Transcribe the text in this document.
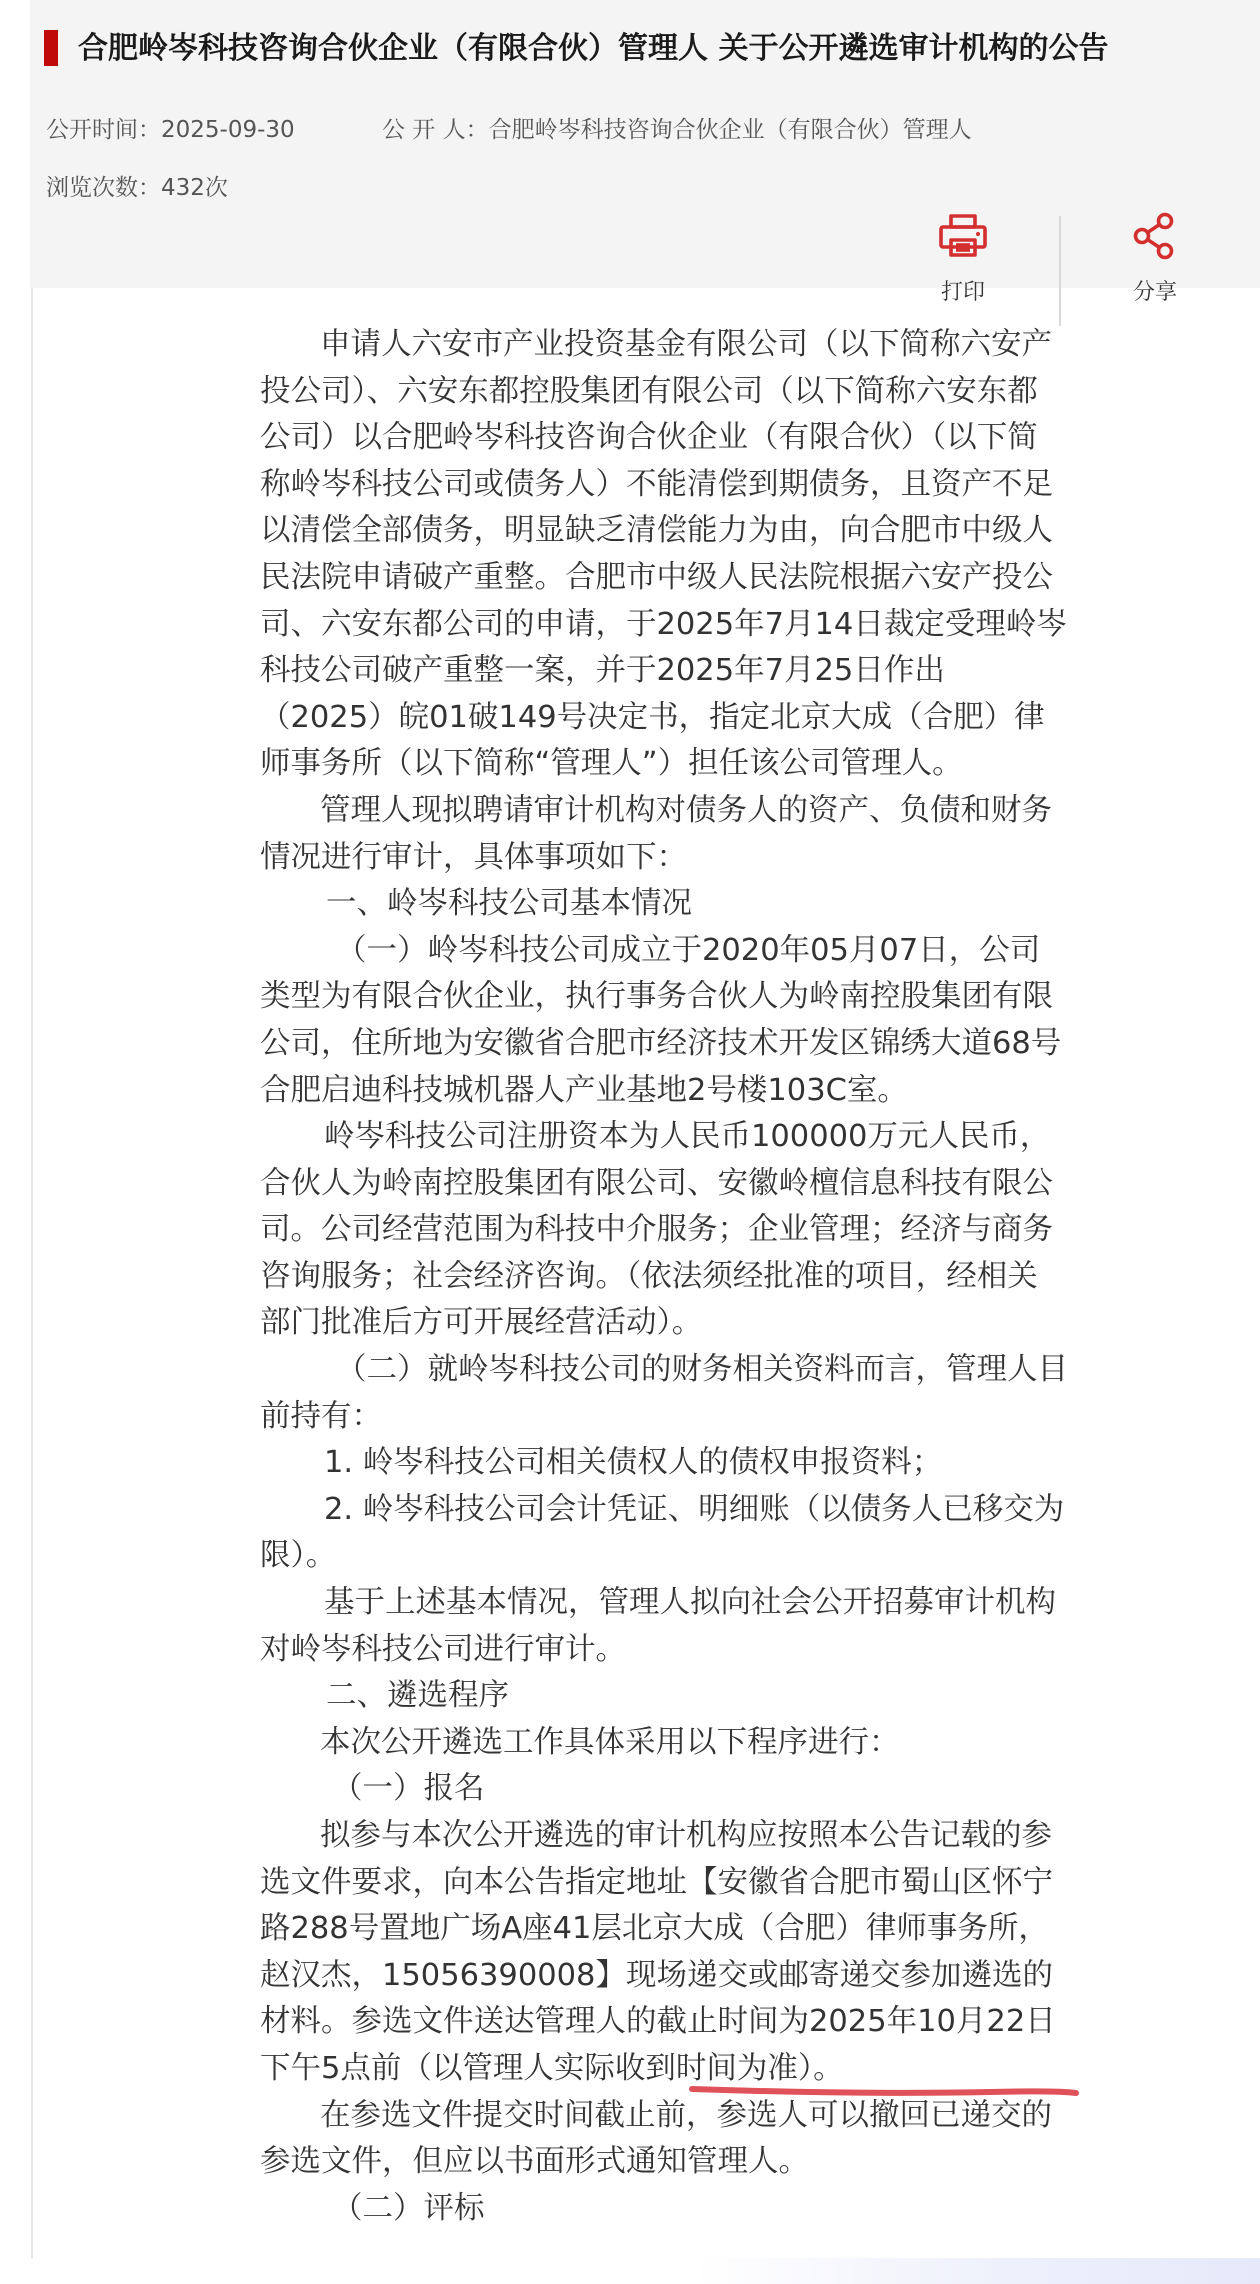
合肥岭岑科技咨询合伙企业（有限合伙）管理人 关于公开遴选审计机构的公告
公开时间：2025-09-30	公 开 人：合肥岭岑科技咨询合伙企业（有限合伙）管理人
浏览次数：432次
打印	分享

申请人六安市产业投资基金有限公司（以下简称六安产投公司）、六安东都控股集团有限公司（以下简称六安东都公司）以合肥岭岑科技咨询合伙企业（有限合伙）（以下简称岭岑科技公司或债务人）不能清偿到期债务，且资产不足以清偿全部债务，明显缺乏清偿能力为由，向合肥市中级人民法院申请破产重整。合肥市中级人民法院根据六安产投公司、六安东都公司的申请，于2025年7月14日裁定受理岭岑科技公司破产重整一案，并于2025年7月25日作出（2025）皖01破149号决定书，指定北京大成（合肥）律师事务所（以下简称“管理人”）担任该公司管理人。

管理人现拟聘请审计机构对债务人的资产、负债和财务情况进行审计，具体事项如下：

一、岭岑科技公司基本情况

（一）岭岑科技公司成立于2020年05月07日，公司类型为有限合伙企业，执行事务合伙人为岭南控股集团有限公司，住所地为安徽省合肥市经济技术开发区锦绣大道68号合肥启迪科技城机器人产业基地2号楼103C室。

岭岑科技公司注册资本为人民币100000万元人民币，合伙人为岭南控股集团有限公司、安徽岭檀信息科技有限公司。公司经营范围为科技中介服务；企业管理；经济与商务咨询服务；社会经济咨询。（依法须经批准的项目，经相关部门批准后方可开展经营活动）。

（二）就岭岑科技公司的财务相关资料而言，管理人目前持有：

1. 岭岑科技公司相关债权人的债权申报资料；

2. 岭岑科技公司会计凭证、明细账（以债务人已移交为限）。

基于上述基本情况，管理人拟向社会公开招募审计机构对岭岑科技公司进行审计。

二、遴选程序

本次公开遴选工作具体采用以下程序进行：

（一）报名

拟参与本次公开遴选的审计机构应按照本公告记载的参选文件要求，向本公告指定地址【安徽省合肥市蜀山区怀宁路288号置地广场A座41层北京大成（合肥）律师事务所，赵汉杰，15056390008】现场递交或邮寄递交参加遴选的材料。参选文件送达管理人的截止时间为2025年10月22日下午5点前（以管理人实际收到时间为准）。

在参选文件提交时间截止前，参选人可以撤回已递交的参选文件，但应以书面形式通知管理人。

（二）评标
